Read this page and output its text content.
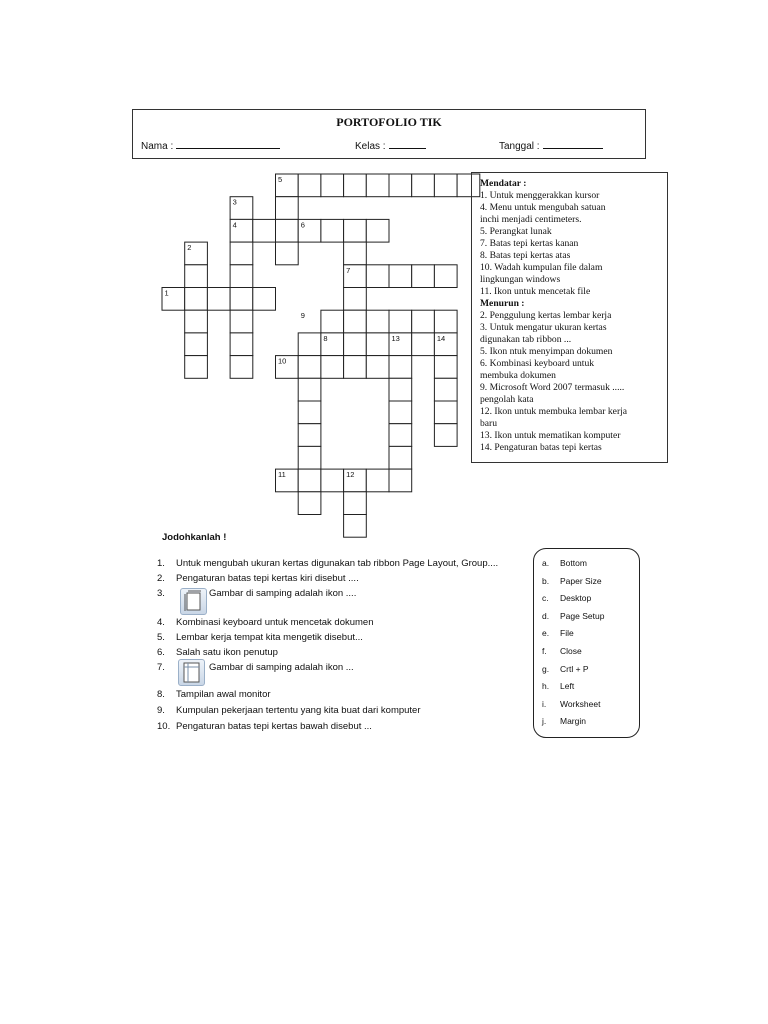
PORTOFOLIO TIK
Nama :	Kelas :	Tanggal :
1
2
3
4
5
6
7
8
9
10
11	12
13	14
Mendatar :
1. Untuk menggerakkan kursor
4. Menu untuk mengubah satuan
inchi menjadi centimeters.
5. Perangkat lunak
7. Batas tepi kertas kanan
8. Batas tepi kertas atas
10. Wadah kumpulan file dalam
lingkungan windows
11. Ikon untuk mencetak file
Menurun :
2. Penggulung kertas lembar kerja
3. Untuk mengatur ukuran kertas
digunakan tab ribbon ...
5. Ikon ntuk menyimpan dokumen
6. Kombinasi keyboard untuk
membuka dokumen
9. Microsoft Word 2007 termasuk .....
pengolah kata
12. Ikon untuk membuka lembar kerja
baru
13. Ikon untuk mematikan komputer
14. Pengaturan batas tepi kertas
Jodohkanlah !
1. Untuk mengubah ukuran kertas digunakan tab ribbon Page Layout, Group....
2. Pengaturan batas tepi kertas kiri disebut ....
3.	Gambar di samping adalah ikon ....
4. Kombinasi keyboard untuk mencetak dokumen
5. Lembar kerja tempat kita mengetik disebut...
6. Salah satu ikon penutup
7.	Gambar di samping adalah ikon ...
8. Tampilan awal monitor
9. Kumpulan pekerjaan tertentu yang kita buat dari komputer
10. Pengaturan batas tepi kertas bawah disebut ...
a. Bottom
b. Paper Size
c. Desktop
d. Page Setup
e. File
f. Close
g. Crtl + P
h. Left
i. Worksheet
j. Margin
